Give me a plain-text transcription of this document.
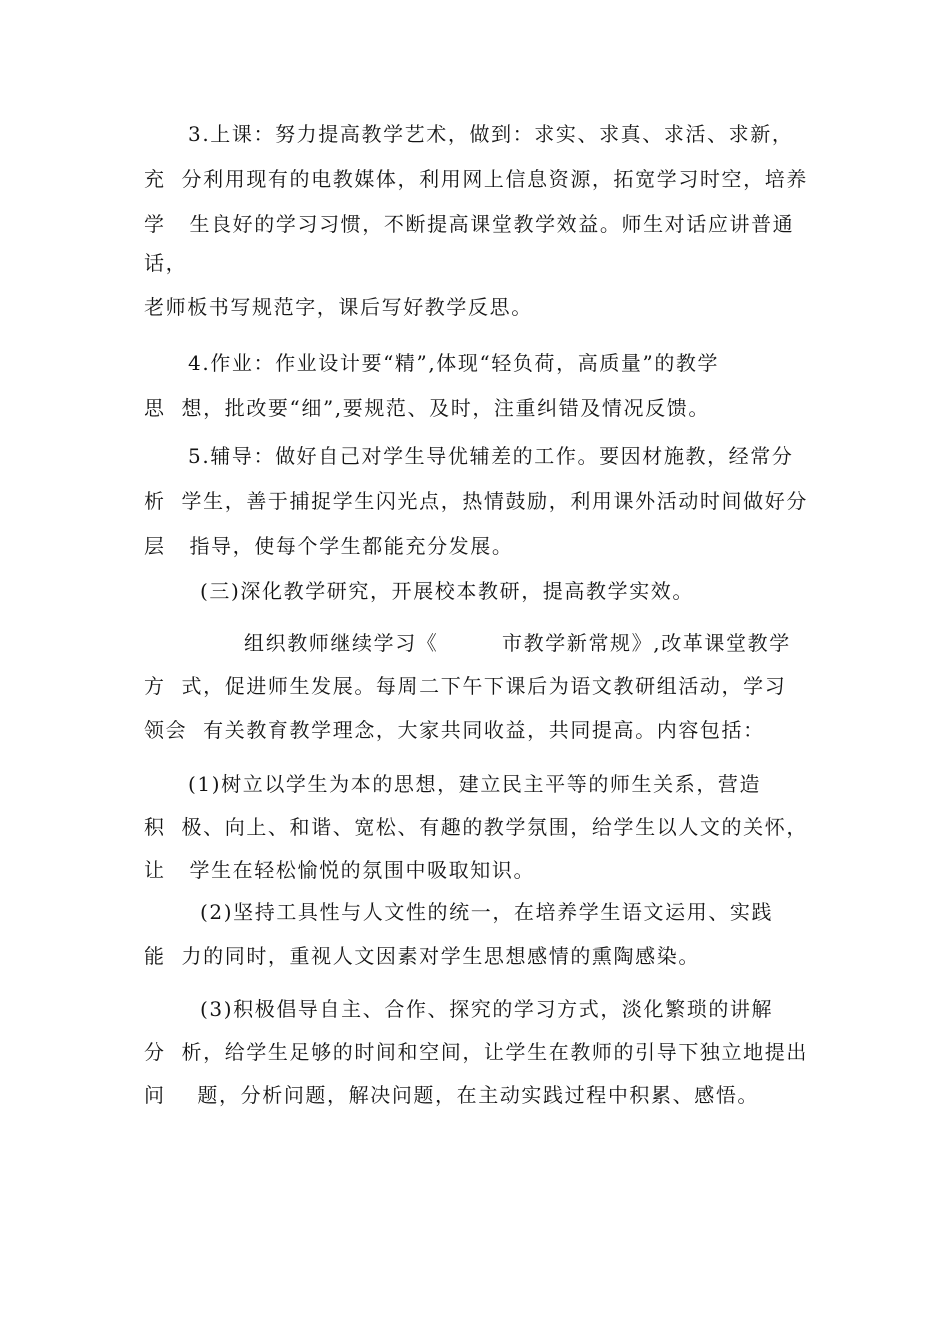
3.上课：努力提高教学艺术，做到：求实、求真、求活、求新，
充  分利用现有的电教媒体，利用网上信息资源，拓宽学习时空，培养
学   生良好的学习习惯，不断提高课堂教学效益。师生对话应讲普通
话，
老师板书写规范字，课后写好教学反思。
4.作业：作业设计要“精”,体现“轻负荷，高质量”的教学
思  想，批改要“细”,要规范、及时，注重纠错及情况反馈。
5.辅导：做好自己对学生导优辅差的工作。要因材施教，经常分
析  学生，善于捕捉学生闪光点，热情鼓励，利用课外活动时间做好分
层   指导，使每个学生都能充分发展。
(三)深化教学研究，开展校本教研，提高教学实效。
组织教师继续学习《        市教学新常规》,改革课堂教学
方  式，促进师生发展。每周二下午下课后为语文教研组活动，学习
领会  有关教育教学理念，大家共同收益，共同提高。内容包括：
(1)树立以学生为本的思想，建立民主平等的师生关系，营造
积  极、向上、和谐、宽松、有趣的教学氛围，给学生以人文的关怀，
让   学生在轻松愉悦的氛围中吸取知识。
(2)坚持工具性与人文性的统一，在培养学生语文运用、实践
能  力的同时，重视人文因素对学生思想感情的熏陶感染。
(3)积极倡导自主、合作、探究的学习方式，淡化繁琐的讲解
分  析，给学生足够的时间和空间，让学生在教师的引导下独立地提出
问    题，分析问题，解决问题，在主动实践过程中积累、感悟。
